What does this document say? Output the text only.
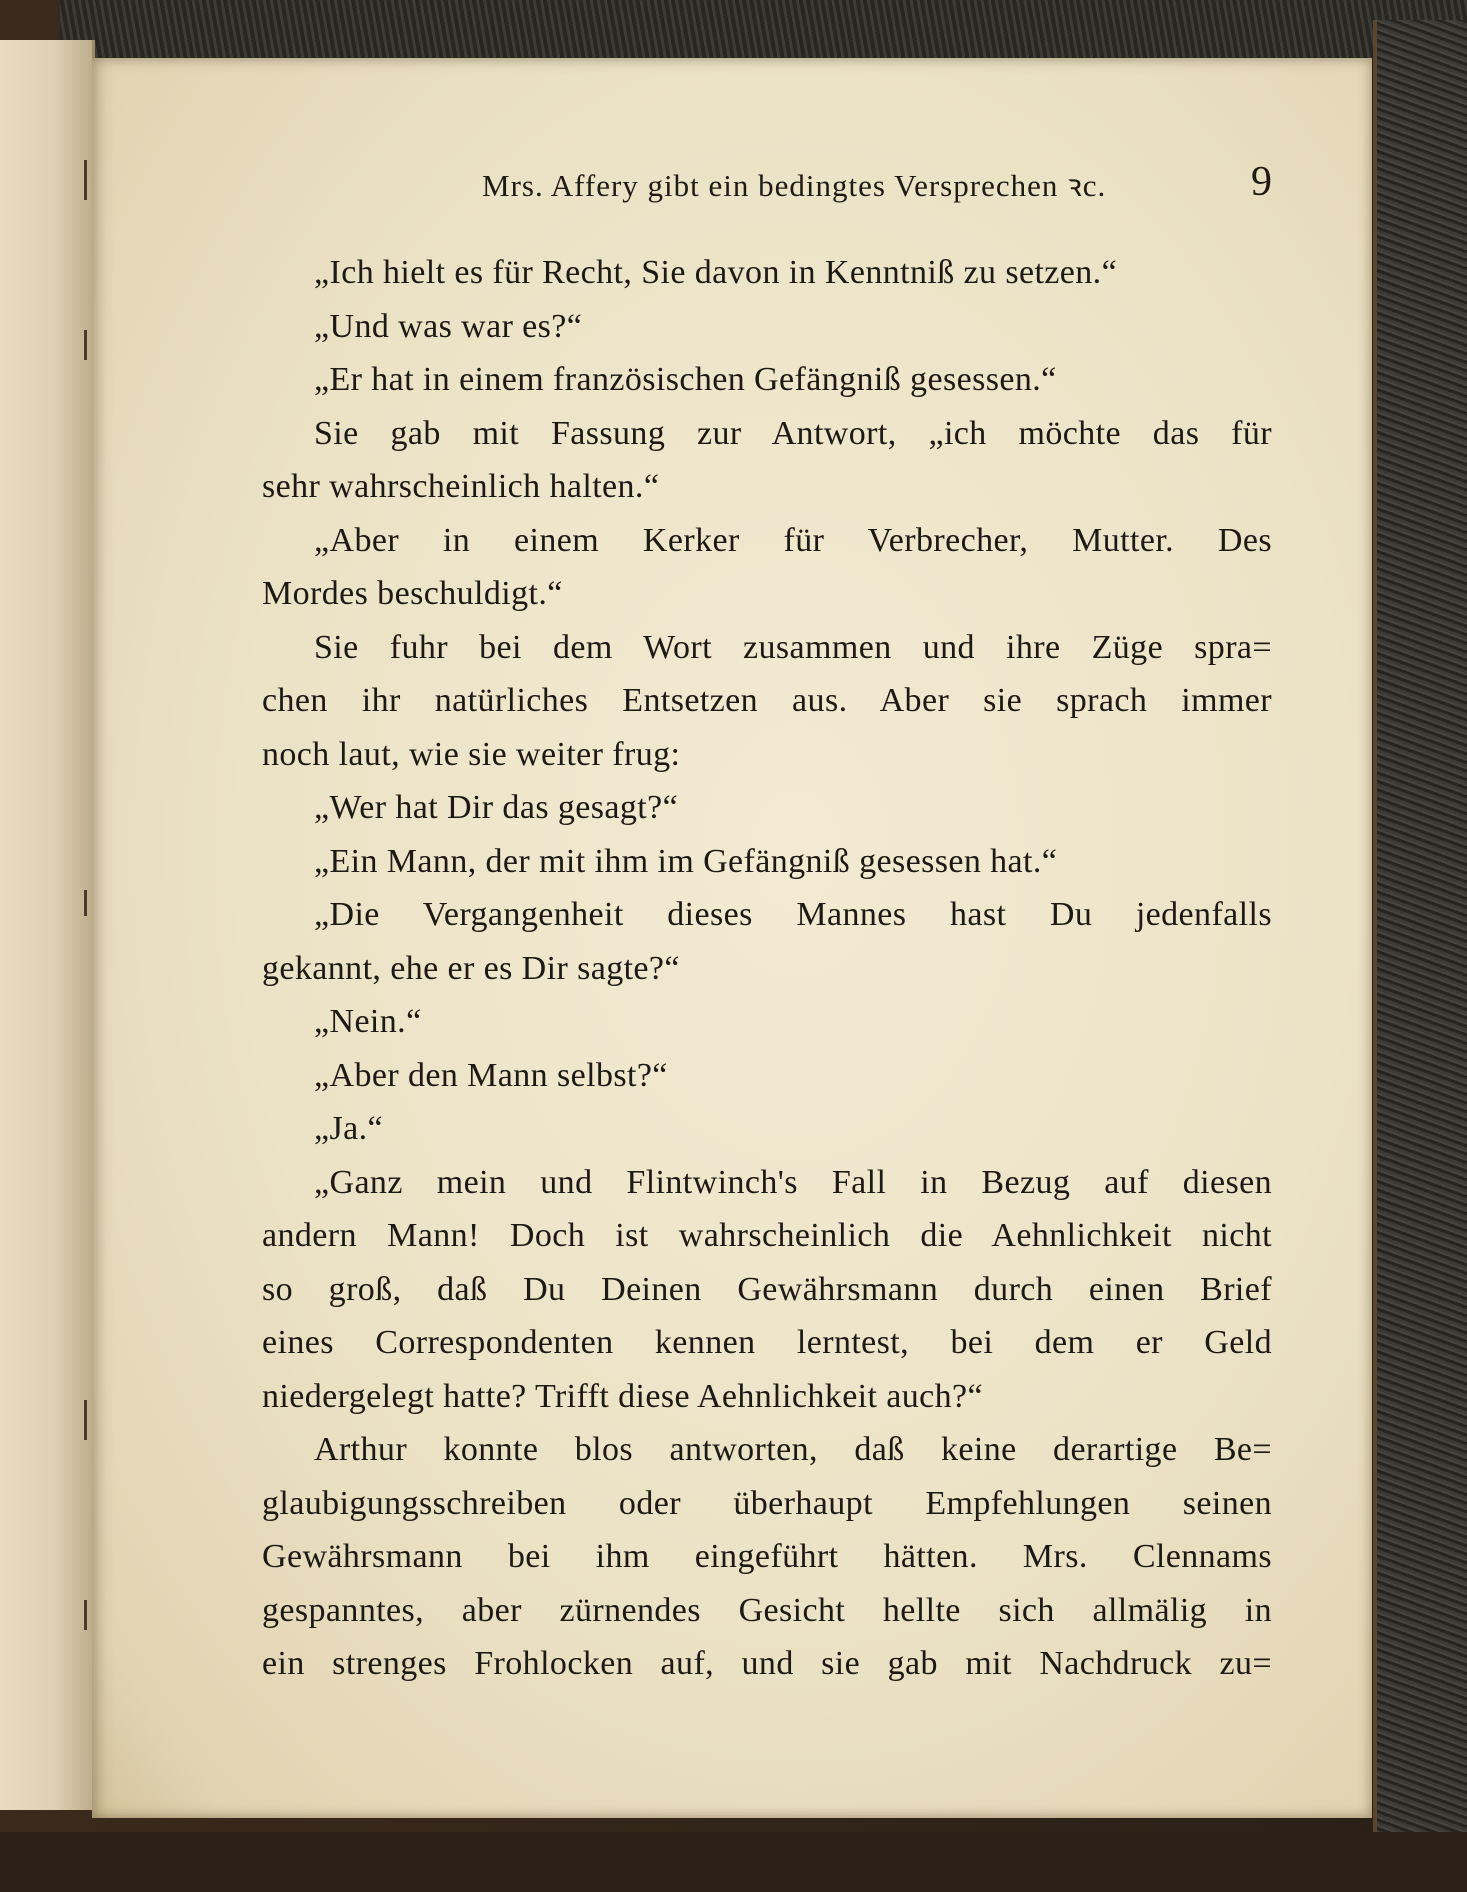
Mrs. Affery gibt ein bedingtes Versprechen ꝛc.	9
„Ich hielt es für Recht, Sie davon in Kenntniß zu setzen.“
„Und was war es?“
„Er hat in einem französischen Gefängniß gesessen.“
Sie gab mit Fassung zur Antwort, „ich möchte das für
sehr wahrscheinlich halten.“
„Aber in einem Kerker für Verbrecher, Mutter. Des
Mordes beschuldigt.“
Sie fuhr bei dem Wort zusammen und ihre Züge spra=
chen ihr natürliches Entsetzen aus. Aber sie sprach immer
noch laut, wie sie weiter frug:
„Wer hat Dir das gesagt?“
„Ein Mann, der mit ihm im Gefängniß gesessen hat.“
„Die Vergangenheit dieses Mannes hast Du jedenfalls
gekannt, ehe er es Dir sagte?“
„Nein.“
„Aber den Mann selbst?“
„Ja.“
„Ganz mein und Flintwinch's Fall in Bezug auf diesen
andern Mann! Doch ist wahrscheinlich die Aehnlichkeit nicht
so groß, daß Du Deinen Gewährsmann durch einen Brief
eines Correspondenten kennen lerntest, bei dem er Geld
niedergelegt hatte? Trifft diese Aehnlichkeit auch?“
Arthur konnte blos antworten, daß keine derartige Be=
glaubigungsschreiben oder überhaupt Empfehlungen seinen
Gewährsmann bei ihm eingeführt hätten. Mrs. Clennams
gespanntes, aber zürnendes Gesicht hellte sich allmälig in
ein strenges Frohlocken auf, und sie gab mit Nachdruck zu=
